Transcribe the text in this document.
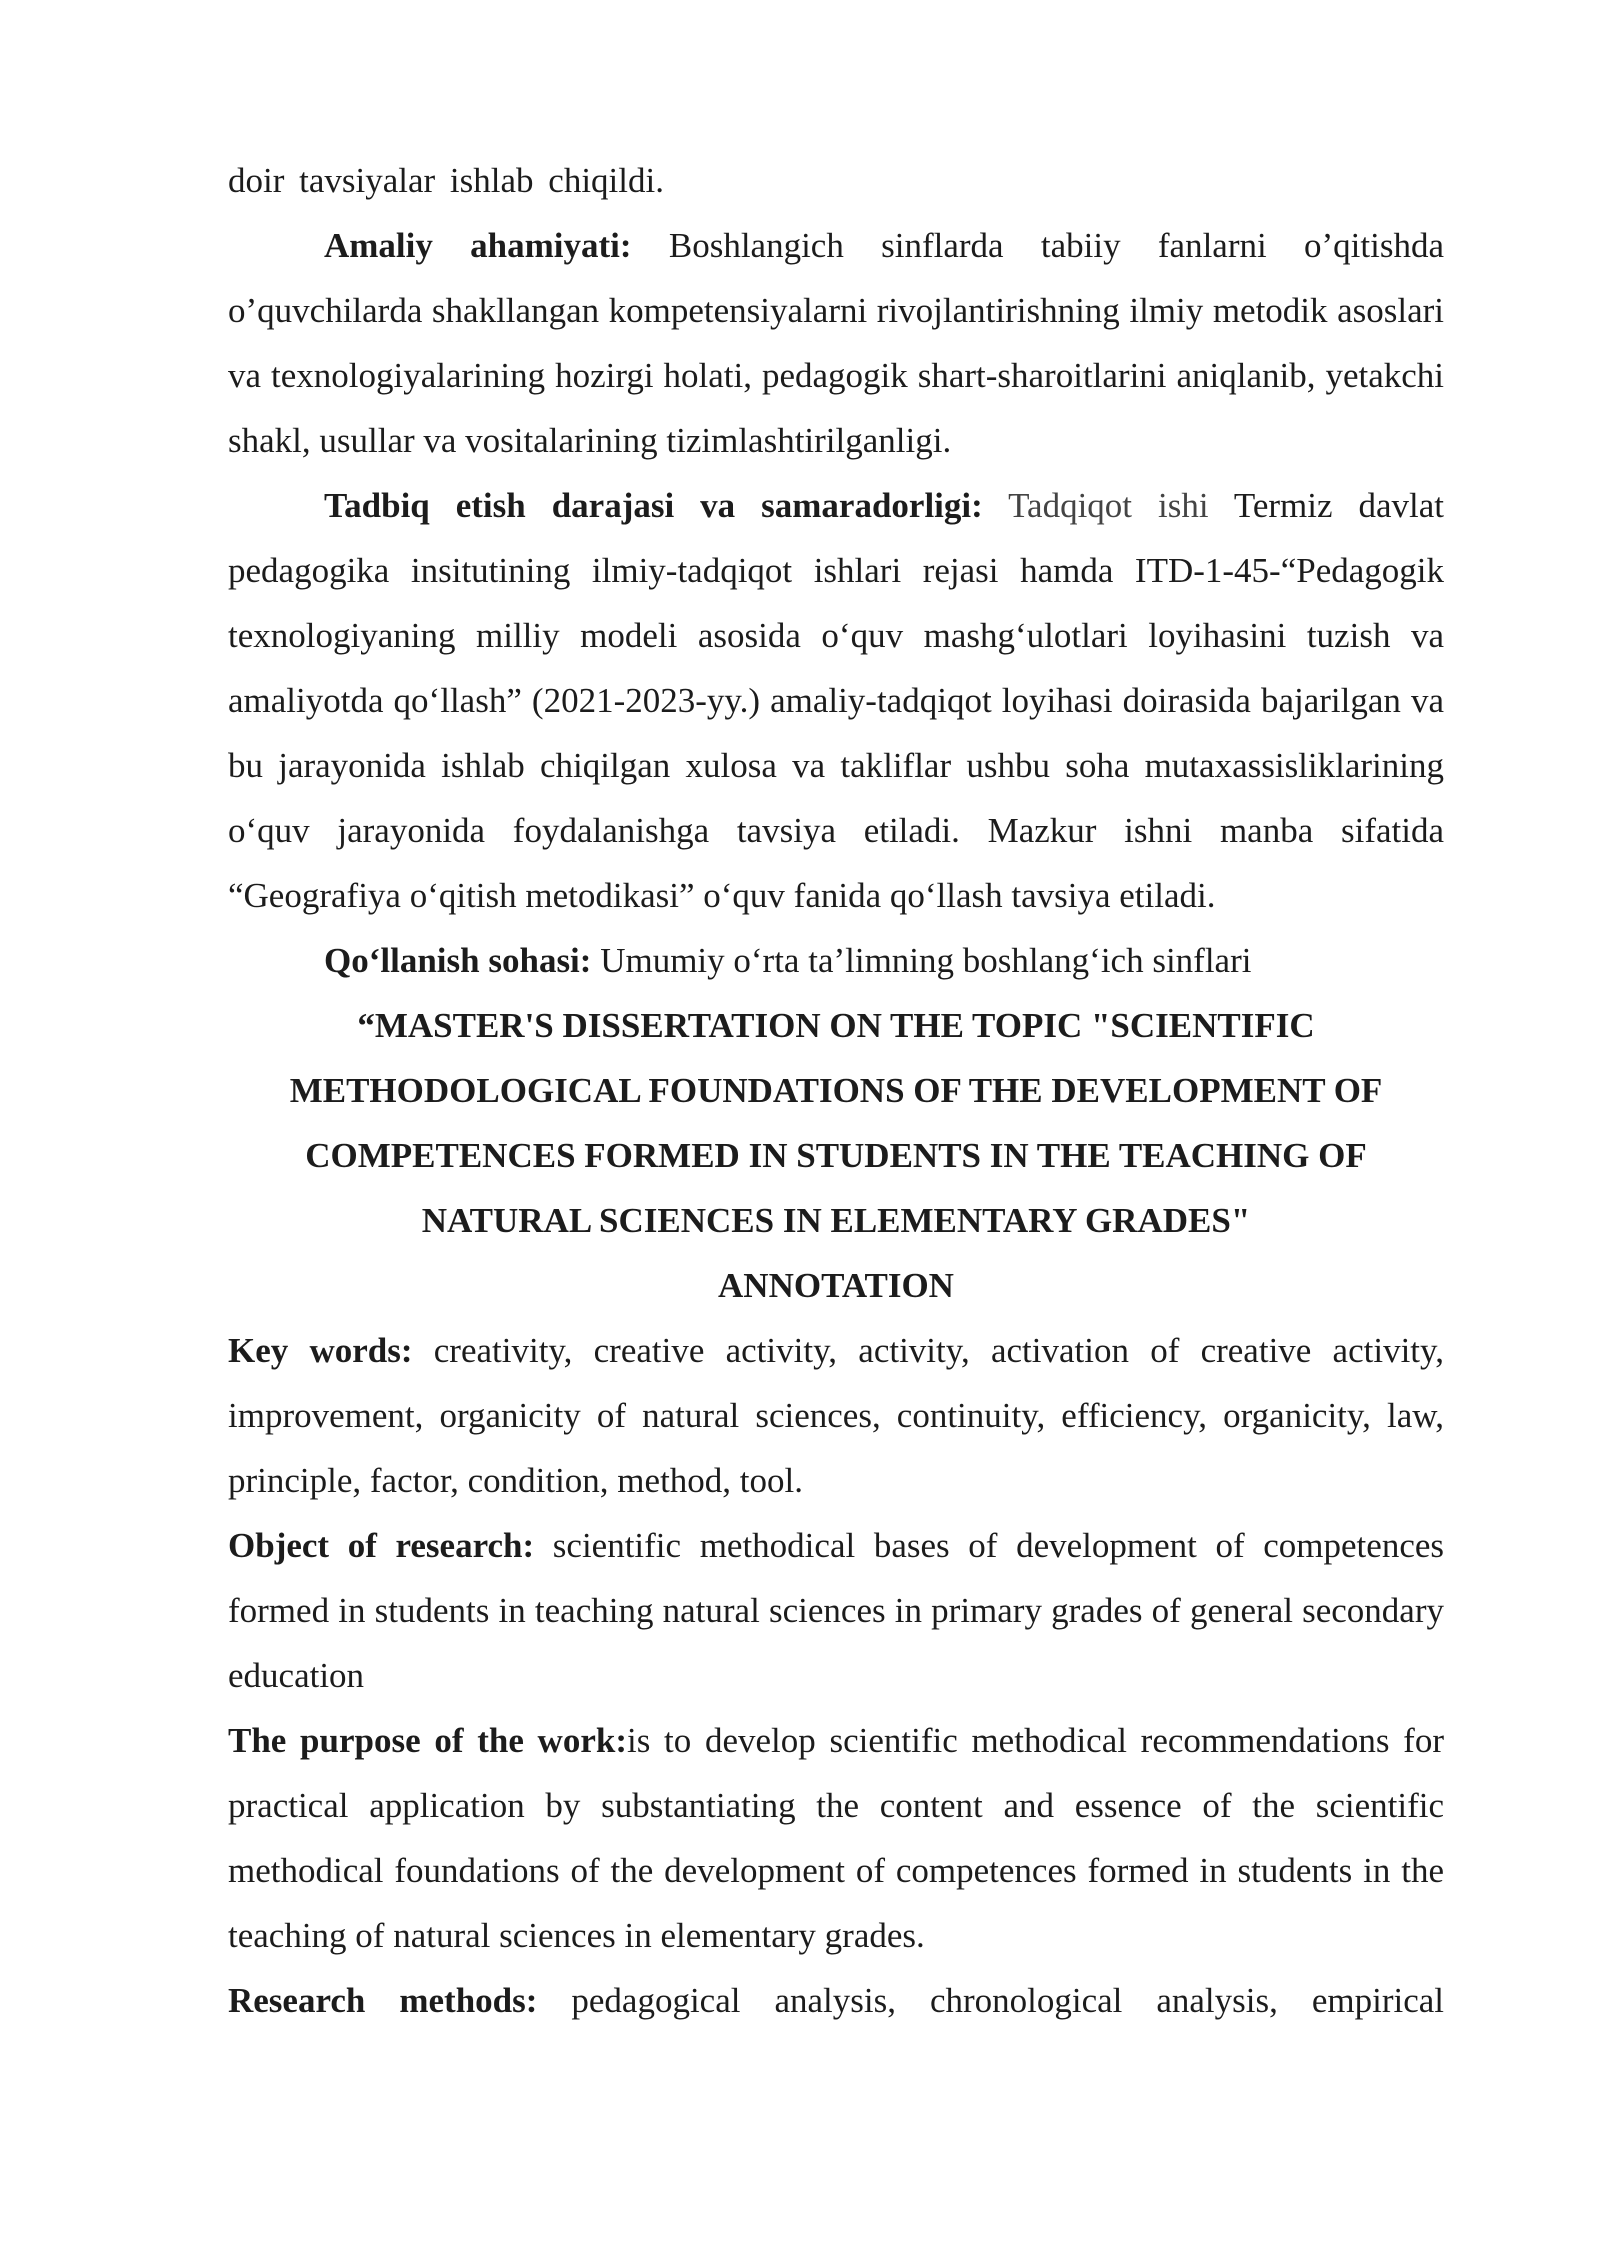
doir tavsiyalar ishlab chiqildi.

Amaliy ahamiyati: Boshlangich sinflarda tabiiy fanlarni o’qitishda o’quvchilarda shakllangan kompetensiyalarni rivojlantirishning ilmiy metodik asoslari va texnologiyalarining hozirgi holati, pedagogik shart-sharoitlarini aniqlanib, yetakchi shakl, usullar va vositalarining tizimlashtirilganligi.

Tadbiq etish darajasi va samaradorligi: Tadqiqot ishi Termiz davlat pedagogika insitutining ilmiy-tadqiqot ishlari rejasi hamda ITD-1-45-“Pedagogik texnologiyaning milliy modeli asosida o‘quv mashg‘ulotlari loyihasini tuzish va amaliyotda qo‘llash” (2021-2023-yy.) amaliy-tadqiqot loyihasi doirasida bajarilgan va bu jarayonida ishlab chiqilgan xulosa va takliflar ushbu soha mutaxassisliklarining o‘quv jarayonida foydalanishga tavsiya etiladi. Mazkur ishni manba sifatida “Geografiya o‘qitish metodikasi” o‘quv fanida qo‘llash tavsiya etiladi.

Qo‘llanish sohasi: Umumiy o‘rta ta’limning boshlang‘ich sinflari

“MASTER'S DISSERTATION ON THE TOPIC "SCIENTIFIC METHODOLOGICAL FOUNDATIONS OF THE DEVELOPMENT OF COMPETENCES FORMED IN STUDENTS IN THE TEACHING OF NATURAL SCIENCES IN ELEMENTARY GRADES"

ANNOTATION

Key words: creativity, creative activity, activity, activation of creative activity, improvement, organicity of natural sciences, continuity, efficiency, organicity, law, principle, factor, condition, method, tool.

Object of research: scientific methodical bases of development of competences formed in students in teaching natural sciences in primary grades of general secondary education

The purpose of the work:is to develop scientific methodical recommendations for practical application by substantiating the content and essence of the scientific methodical foundations of the development of competences formed in students in the teaching of natural sciences in elementary grades.

Research methods: pedagogical analysis, chronological analysis, empirical
